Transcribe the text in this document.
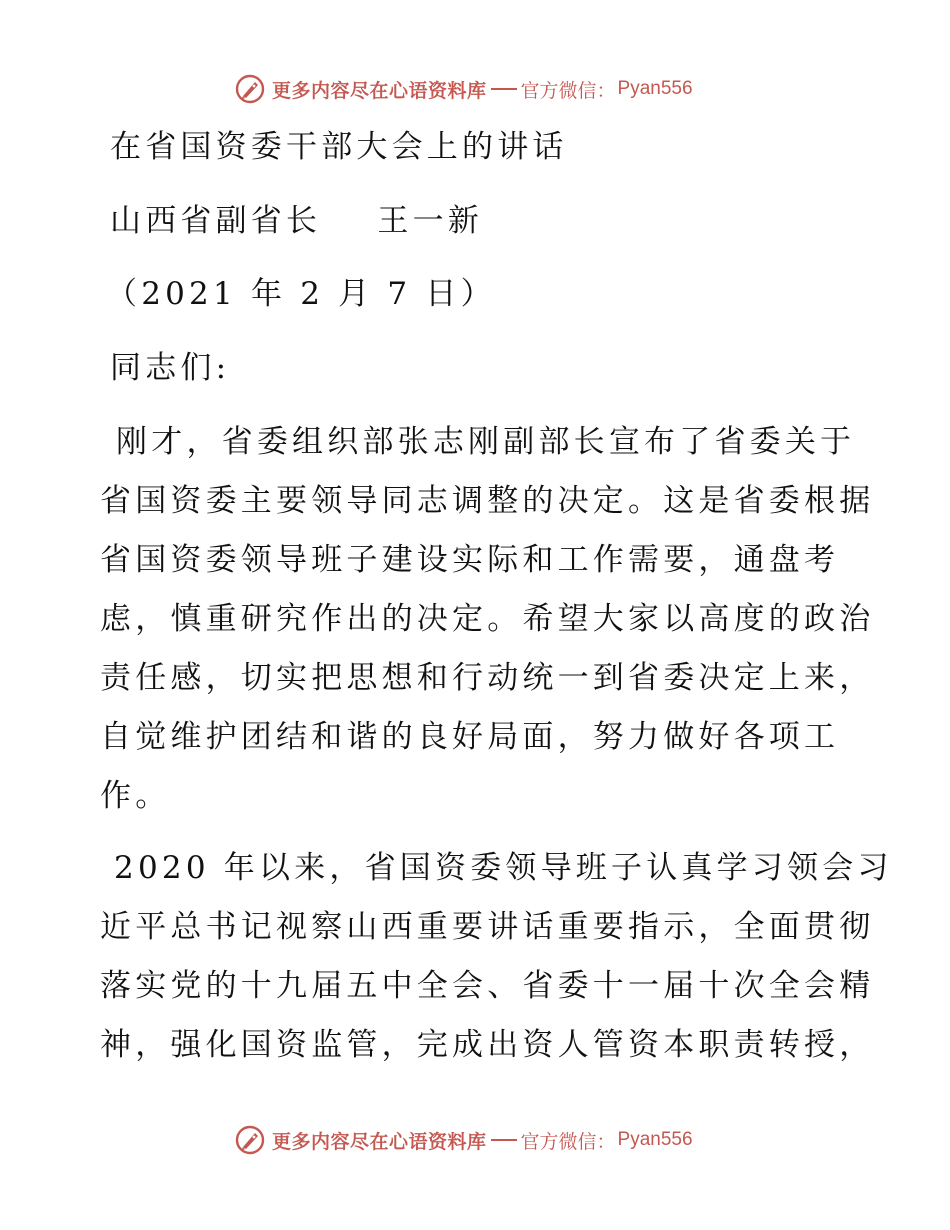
更多内容尽在心语资料库 官方微信： Pyan556
在省国资委干部大会上的讲话
山西省副省长    王一新
（2021 年 2 月 7 日）
同志们:
刚才，省委组织部张志刚副部长宣布了省委关于
省国资委主要领导同志调整的决定。这是省委根据
省国资委领导班子建设实际和工作需要，通盘考
虑，慎重研究作出的决定。希望大家以高度的政治
责任感，切实把思想和行动统一到省委决定上来，
自觉维护团结和谐的良好局面，努力做好各项工
作。
2020 年以来，省国资委领导班子认真学习领会习
近平总书记视察山西重要讲话重要指示，全面贯彻
落实党的十九届五中全会、省委十一届十次全会精
神，强化国资监管，完成出资人管资本职责转授，
更多内容尽在心语资料库 官方微信： Pyan556
